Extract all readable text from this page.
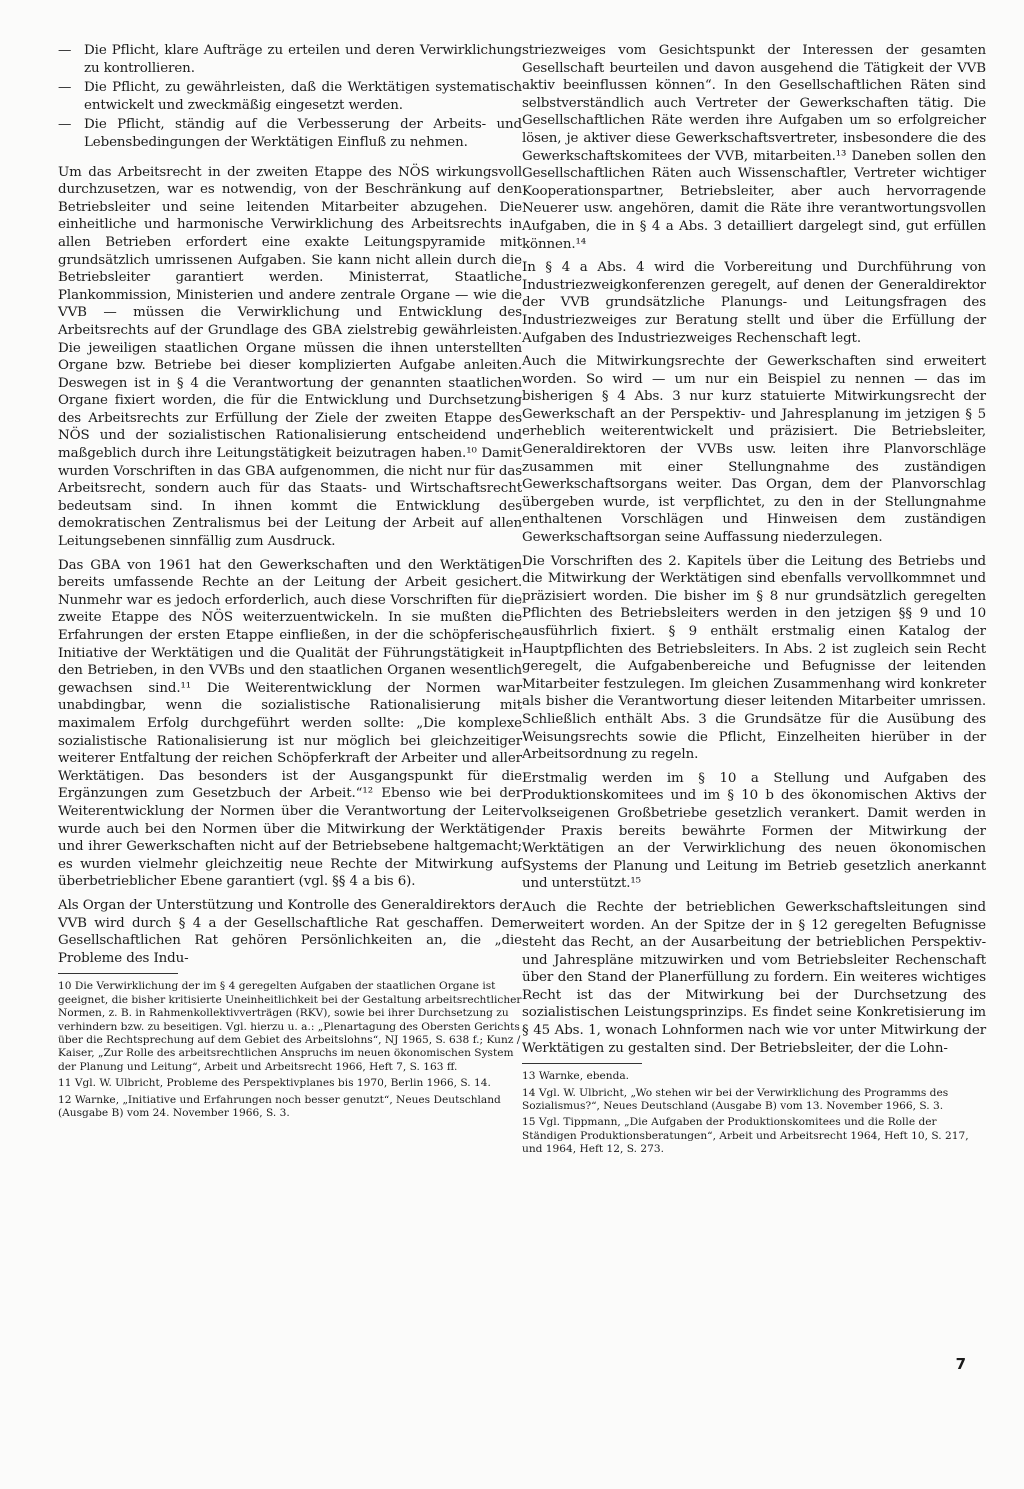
— Die Pflicht, klare Aufträge zu erteilen und deren Verwirklichung zu kontrollieren.
— Die Pflicht, zu gewährleisten, daß die Werktätigen systematisch entwickelt und zweckmäßig eingesetzt werden.
— Die Pflicht, ständig auf die Verbesserung der Arbeits- und Lebensbedingungen der Werktätigen Einfluß zu nehmen.

Um das Arbeitsrecht in der zweiten Etappe des NÖS wirkungsvoll durchzusetzen, war es notwendig, von der Beschränkung auf den Betriebsleiter und seine leitenden Mitarbeiter abzugehen. Die einheitliche und harmonische Verwirklichung des Arbeitsrechts in allen Betrieben erfordert eine exakte Leitungspyramide mit grundsätzlich umrissenen Aufgaben. Sie kann nicht allein durch die Betriebsleiter garantiert werden. Ministerrat, Staatliche Plankommission, Ministerien und andere zentrale Organe — wie die VVB — müssen die Verwirklichung und Entwicklung des Arbeitsrechts auf der Grundlage des GBA zielstrebig gewährleisten. Die jeweiligen staatlichen Organe müssen die ihnen unterstellten Organe bzw. Betriebe bei dieser komplizierten Aufgabe anleiten. Deswegen ist in § 4 die Verantwortung der genannten staatlichen Organe fixiert worden, die für die Entwicklung und Durchsetzung des Arbeitsrechts zur Erfüllung der Ziele der zweiten Etappe des NÖS und der sozialistischen Rationalisierung entscheidend und maßgeblich durch ihre Leitungstätigkeit beizutragen haben.¹⁰ Damit wurden Vorschriften in das GBA aufgenommen, die nicht nur für das Arbeitsrecht, sondern auch für das Staats- und Wirtschaftsrecht bedeutsam sind. In ihnen kommt die Entwicklung des demokratischen Zentralismus bei der Leitung der Arbeit auf allen Leitungsebenen sinnfällig zum Ausdruck.

Das GBA von 1961 hat den Gewerkschaften und den Werktätigen bereits umfassende Rechte an der Leitung der Arbeit gesichert. Nunmehr war es jedoch erforderlich, auch diese Vorschriften für die zweite Etappe des NÖS weiterzuentwickeln. In sie mußten die Erfahrungen der ersten Etappe einfließen, in der die schöpferische Initiative der Werktätigen und die Qualität der Führungstätigkeit in den Betrieben, in den VVBs und den staatlichen Organen wesentlich gewachsen sind.¹¹ Die Weiterentwicklung der Normen war unabdingbar, wenn die sozialistische Rationalisierung mit maximalem Erfolg durchgeführt werden sollte: „Die komplexe sozialistische Rationalisierung ist nur möglich bei gleichzeitiger weiterer Entfaltung der reichen Schöpferkraft der Arbeiter und aller Werktätigen. Das besonders ist der Ausgangspunkt für die Ergänzungen zum Gesetzbuch der Arbeit.“¹² Ebenso wie bei der Weiterentwicklung der Normen über die Verantwortung der Leiter wurde auch bei den Normen über die Mitwirkung der Werktätigen und ihrer Gewerkschaften nicht auf der Betriebsebene haltgemacht; es wurden vielmehr gleichzeitig neue Rechte der Mitwirkung auf überbetrieblicher Ebene garantiert (vgl. §§ 4 a bis 6).

Als Organ der Unterstützung und Kontrolle des Generaldirektors der VVB wird durch § 4 a der Gesellschaftliche Rat geschaffen. Dem Gesellschaftlichen Rat gehören Persönlichkeiten an, die „die Probleme des Indu-

10 Die Verwirklichung der im § 4 geregelten Aufgaben der staatlichen Organe ist geeignet, die bisher kritisierte Uneinheitlichkeit bei der Gestaltung arbeitsrechtlicher Normen, z. B. in Rahmenkollektivverträgen (RKV), sowie bei ihrer Durchsetzung zu verhindern bzw. zu beseitigen. Vgl. hierzu u. a.: „Plenartagung des Obersten Gerichts über die Rechtsprechung auf dem Gebiet des Arbeitslohns“, NJ 1965, S. 638 f.; Kunz / Kaiser, „Zur Rolle des arbeitsrechtlichen Anspruchs im neuen ökonomischen System der Planung und Leitung“, Arbeit und Arbeitsrecht 1966, Heft 7, S. 163 ff.

11 Vgl. W. Ulbricht, Probleme des Perspektivplanes bis 1970, Berlin 1966, S. 14.

12 Warnke, „Initiative und Erfahrungen noch besser genutzt“, Neues Deutschland (Ausgabe B) vom 24. November 1966, S. 3.

striezweiges vom Gesichtspunkt der Interessen der gesamten Gesellschaft beurteilen und davon ausgehend die Tätigkeit der VVB aktiv beeinflussen können“. In den Gesellschaftlichen Räten sind selbstverständlich auch Vertreter der Gewerkschaften tätig. Die Gesellschaftlichen Räte werden ihre Aufgaben um so erfolgreicher lösen, je aktiver diese Gewerkschaftsvertreter, insbesondere die des Gewerkschaftskomitees der VVB, mitarbeiten.¹³ Daneben sollen den Gesellschaftlichen Räten auch Wissenschaftler, Vertreter wichtiger Kooperationspartner, Betriebsleiter, aber auch hervorragende Neuerer usw. angehören, damit die Räte ihre verantwortungsvollen Aufgaben, die in § 4 a Abs. 3 detailliert dargelegt sind, gut erfüllen können.¹⁴

In § 4 a Abs. 4 wird die Vorbereitung und Durchführung von Industriezweigkonferenzen geregelt, auf denen der Generaldirektor der VVB grundsätzliche Planungs- und Leitungsfragen des Industriezweiges zur Beratung stellt und über die Erfüllung der Aufgaben des Industriezweiges Rechenschaft legt.

Auch die Mitwirkungsrechte der Gewerkschaften sind erweitert worden. So wird — um nur ein Beispiel zu nennen — das im bisherigen § 4 Abs. 3 nur kurz statuierte Mitwirkungsrecht der Gewerkschaft an der Perspektiv- und Jahresplanung im jetzigen § 5 erheblich weiterentwickelt und präzisiert. Die Betriebsleiter, Generaldirektoren der VVBs usw. leiten ihre Planvorschläge zusammen mit einer Stellungnahme des zuständigen Gewerkschaftsorgans weiter. Das Organ, dem der Planvorschlag übergeben wurde, ist verpflichtet, zu den in der Stellungnahme enthaltenen Vorschlägen und Hinweisen dem zuständigen Gewerkschaftsorgan seine Auffassung niederzulegen.

Die Vorschriften des 2. Kapitels über die Leitung des Betriebs und die Mitwirkung der Werktätigen sind ebenfalls vervollkommnet und präzisiert worden. Die bisher im § 8 nur grundsätzlich geregelten Pflichten des Betriebsleiters werden in den jetzigen §§ 9 und 10 ausführlich fixiert. § 9 enthält erstmalig einen Katalog der Hauptpflichten des Betriebsleiters. In Abs. 2 ist zugleich sein Recht geregelt, die Aufgabenbereiche und Befugnisse der leitenden Mitarbeiter festzulegen. Im gleichen Zusammenhang wird konkreter als bisher die Verantwortung dieser leitenden Mitarbeiter umrissen. Schließlich enthält Abs. 3 die Grundsätze für die Ausübung des Weisungsrechts sowie die Pflicht, Einzelheiten hierüber in der Arbeitsordnung zu regeln.

Erstmalig werden im § 10 a Stellung und Aufgaben des Produktionskomitees und im § 10 b des ökonomischen Aktivs der volkseigenen Großbetriebe gesetzlich verankert. Damit werden in der Praxis bereits bewährte Formen der Mitwirkung der Werktätigen an der Verwirklichung des neuen ökonomischen Systems der Planung und Leitung im Betrieb gesetzlich anerkannt und unterstützt.¹⁵

Auch die Rechte der betrieblichen Gewerkschaftsleitungen sind erweitert worden. An der Spitze der in § 12 geregelten Befugnisse steht das Recht, an der Ausarbeitung der betrieblichen Perspektiv- und Jahrespläne mitzuwirken und vom Betriebsleiter Rechenschaft über den Stand der Planerfüllung zu fordern. Ein weiteres wichtiges Recht ist das der Mitwirkung bei der Durchsetzung des sozialistischen Leistungsprinzips. Es findet seine Konkretisierung im § 45 Abs. 1, wonach Lohnformen nach wie vor unter Mitwirkung der Werktätigen zu gestalten sind. Der Betriebsleiter, der die Lohn-

13 Warnke, ebenda.

14 Vgl. W. Ulbricht, „Wo stehen wir bei der Verwirklichung des Programms des Sozialismus?“, Neues Deutschland (Ausgabe B) vom 13. November 1966, S. 3.

15 Vgl. Tippmann, „Die Aufgaben der Produktionskomitees und die Rolle der Ständigen Produktionsberatungen“, Arbeit und Arbeitsrecht 1964, Heft 10, S. 217, und 1964, Heft 12, S. 273.

7
